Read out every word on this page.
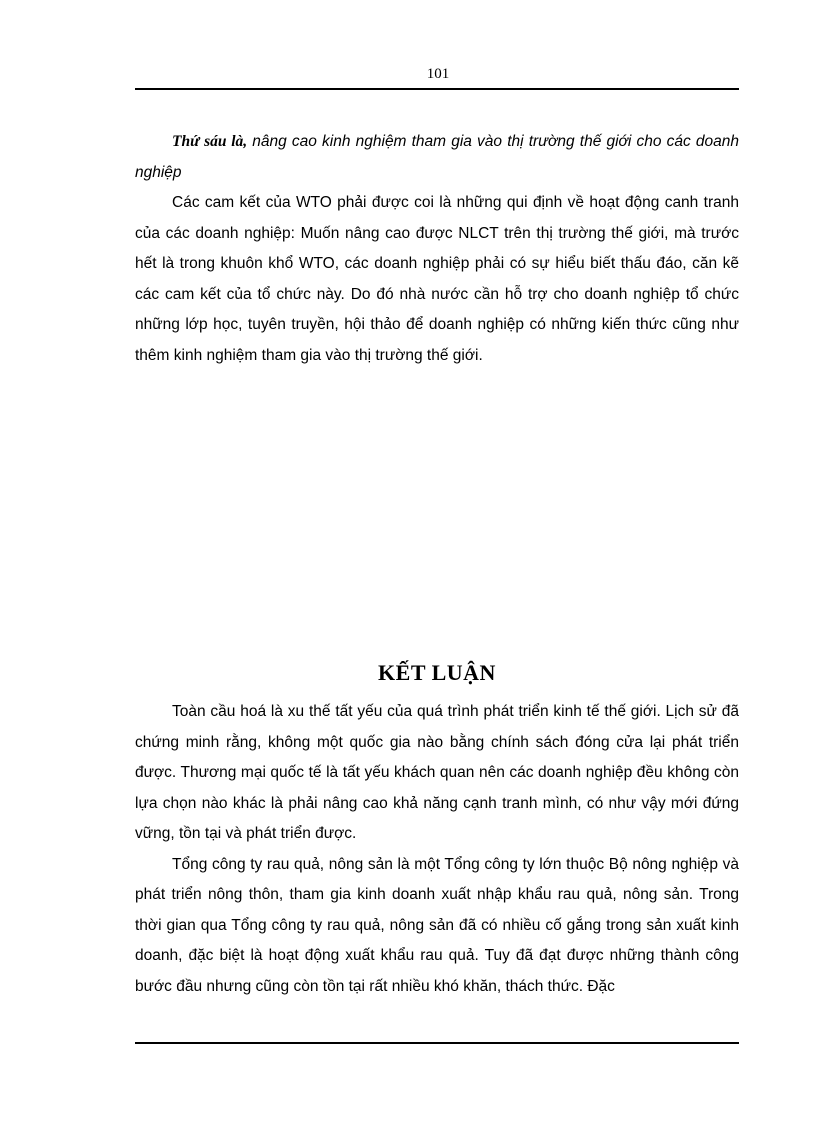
101

Thứ sáu là, nâng cao kinh nghiệm tham gia vào thị trường thế giới cho các doanh nghiệp

Các cam kết của WTO phải được coi là những qui định về hoạt động canh tranh của các doanh nghiệp: Muốn nâng cao được NLCT trên thị trường thế giới, mà trước hết là trong khuôn khổ WTO, các doanh nghiệp phải có sự hiểu biết thấu đáo, căn kẽ các cam kết của tổ chức này. Do đó nhà nước cần hỗ trợ cho doanh nghiệp tổ chức những lớp học, tuyên truyền, hội thảo để doanh nghiệp có những kiến thức cũng như thêm kinh nghiệm tham gia vào thị trường thế giới.

KẾT LUẬN

Toàn cầu hoá là xu thế tất yếu của quá trình phát triển kinh tế thế giới. Lịch sử đã chứng minh rằng, không một quốc gia nào bằng chính sách đóng cửa lại phát triển được. Thương mại quốc tế là tất yếu khách quan nên các doanh nghiệp đều không còn lựa chọn nào khác là phải nâng cao khả năng cạnh tranh mình, có như vậy mới đứng vững, tồn tại và phát triển được.

Tổng công ty rau quả, nông sản là một Tổng công ty lớn thuộc Bộ nông nghiệp và phát triển nông thôn, tham gia kinh doanh xuất nhập khẩu rau quả, nông sản. Trong thời gian qua Tổng công ty rau quả, nông sản đã có nhiều cố gắng trong sản xuất kinh doanh, đặc biệt là hoạt động xuất khẩu rau quả. Tuy đã đạt được những thành công bước đầu nhưng cũng còn tồn tại rất nhiều khó khăn, thách thức. Đặc
